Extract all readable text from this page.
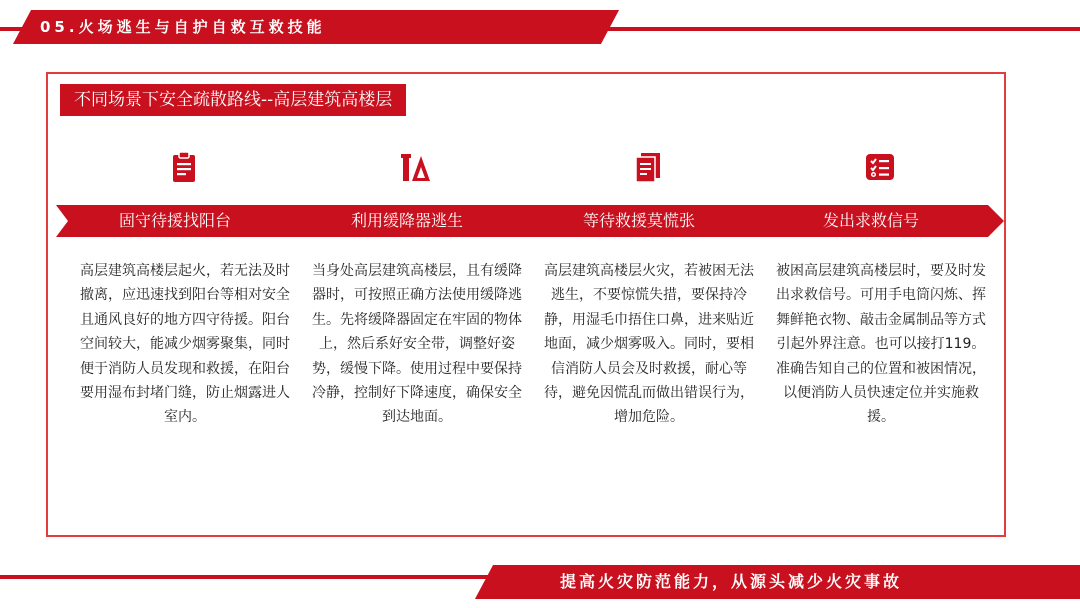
05.火场逃生与自护自救互救技能
不同场景下安全疏散路线--高层建筑高楼层
固守待援找阳台
高层建筑高楼层起火，若无法及时撤离，应迅速找到阳台等相对安全且通风良好的地方四守待援。阳台空间较大，能减少烟雾聚集，同时便于消防人员发现和救援，在阳台要用湿布封堵门缝，防止烟露进人室内。
利用缓降器逃生
当身处高层建筑高楼层，且有缓降器时，可按照正确方法使用缓降逃生。先将缓降器固定在牢固的物体上，然后系好安全带，调整好姿势，缓慢下降。使用过程中要保持冷静，控制好下降速度，确保安全到达地面。
等待救援莫慌张
高层建筑高楼层火灾，若被困无法逃生，不要惊慌失措，要保持冷静，用湿毛巾捂住口鼻，进来贴近地面，减少烟雾吸入。同时，要相信消防人员会及时救援，耐心等待，避免因慌乱而做出错误行为，增加危险。
发出求救信号
被困高层建筑高楼层时，要及时发出求救信号。可用手电筒闪炼、挥舞鲜艳衣物、敲击金属制品等方式引起外界注意。也可以接打119。准确告知自己的位置和被困情况，以便消防人员快速定位并实施救援。
提高火灾防范能力，从源头减少火灾事故
